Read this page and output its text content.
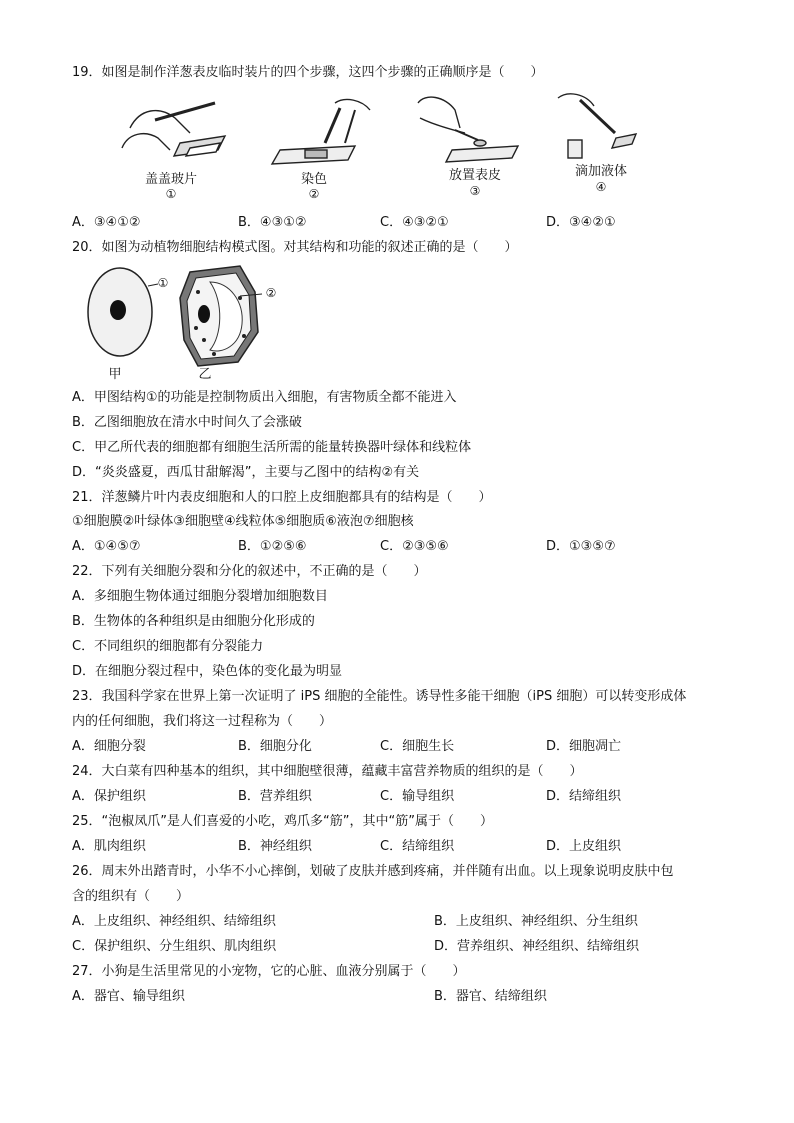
19．如图是制作洋葱表皮临时装片的四个步骤，这四个步骤的正确顺序是（　　）
盖盖玻片
①
染色
②
放置表皮
③
滴加液体
④
A．③④①②	B．④③①②	C．④③②①	D．③④②①
20．如图为动植物细胞结构模式图。对其结构和功能的叙述正确的是（　　）
①
②
甲	乙
A．甲图结构①的功能是控制物质出入细胞，有害物质全都不能进入
B．乙图细胞放在清水中时间久了会涨破
C．甲乙所代表的细胞都有细胞生活所需的能量转换器叶绿体和线粒体
D．“炎炎盛夏，西瓜甘甜解渴”，主要与乙图中的结构②有关
21．洋葱鳞片叶内表皮细胞和人的口腔上皮细胞都具有的结构是（　　）
①细胞膜②叶绿体③细胞壁④线粒体⑤细胞质⑥液泡⑦细胞核
A．①④⑤⑦	B．①②⑤⑥	C．②③⑤⑥	D．①③⑤⑦
22．下列有关细胞分裂和分化的叙述中，不正确的是（　　）
A．多细胞生物体通过细胞分裂增加细胞数目
B．生物体的各种组织是由细胞分化形成的
C．不同组织的细胞都有分裂能力
D．在细胞分裂过程中，染色体的变化最为明显
23．我国科学家在世界上第一次证明了 iPS 细胞的全能性。诱导性多能干细胞（iPS 细胞）可以转变形成体
内的任何细胞，我们将这一过程称为（　　）
A．细胞分裂	B．细胞分化	C．细胞生长	D．细胞凋亡
24．大白菜有四种基本的组织，其中细胞壁很薄，蕴藏丰富营养物质的组织的是（　　）
A．保护组织	B．营养组织	C．输导组织	D．结缔组织
25．“泡椒凤爪”是人们喜爱的小吃，鸡爪多“筋”，其中“筋”属于（　　）
A．肌肉组织	B．神经组织	C．结缔组织	D．上皮组织
26．周末外出踏青时，小华不小心摔倒，划破了皮肤并感到疼痛，并伴随有出血。以上现象说明皮肤中包
含的组织有（　　）
A．上皮组织、神经组织、结缔组织	B．上皮组织、神经组织、分生组织
C．保护组织、分生组织、肌肉组织	D．营养组织、神经组织、结缔组织
27．小狗是生活里常见的小宠物，它的心脏、血液分别属于（　　）
A．器官、输导组织	B．器官、结缔组织
